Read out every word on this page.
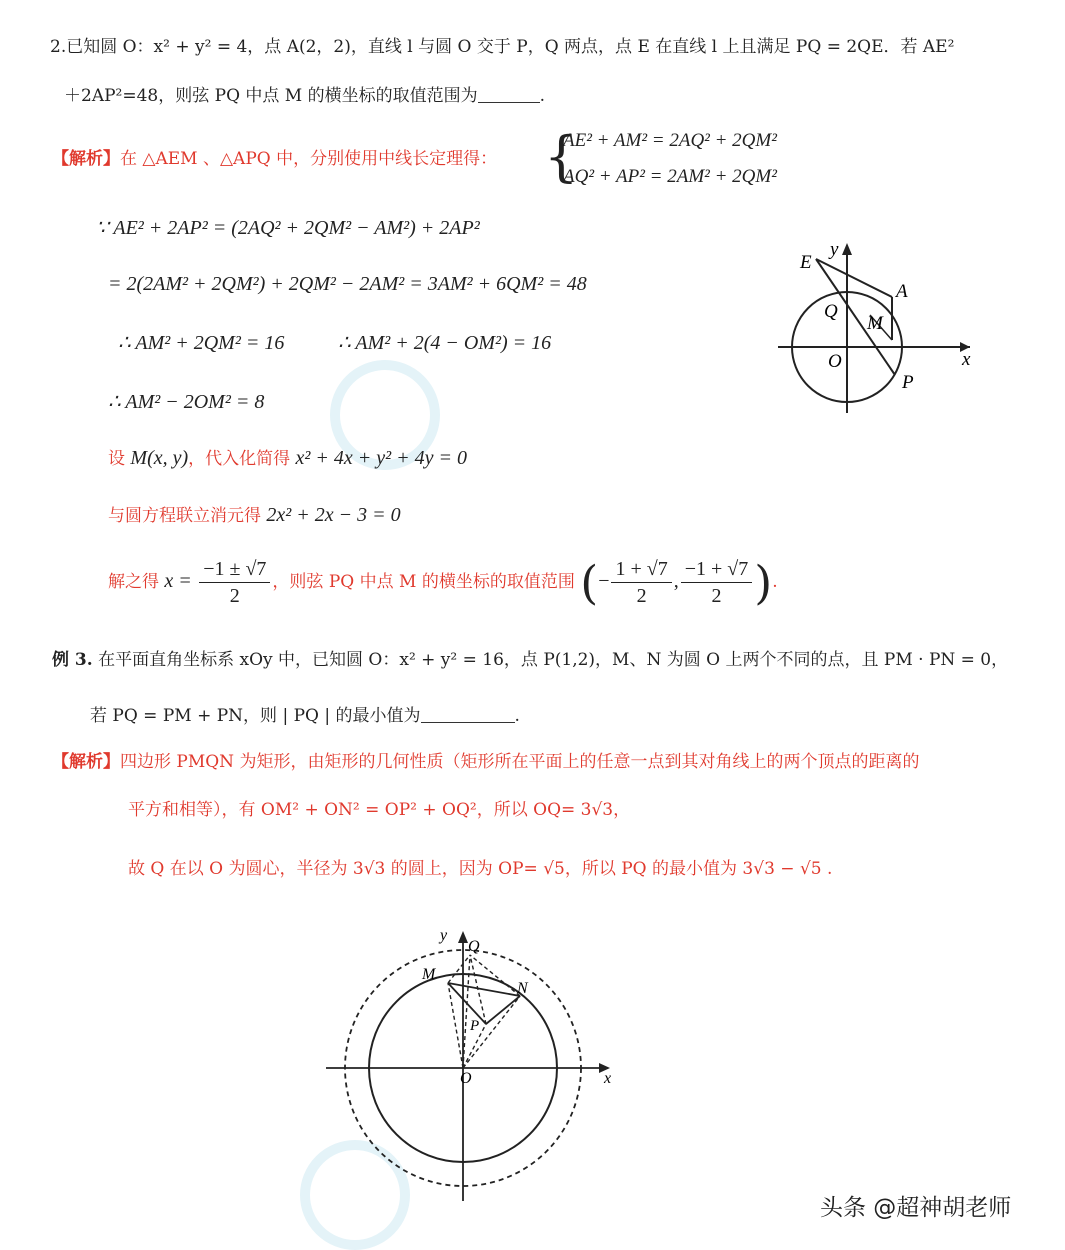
2.已知圆 O：x² + y² = 4，点 A(2，2)，直线 l 与圆 O 交于 P，Q 两点，点 E 在直线 l 上且满足 PQ = 2QE．若 AE²
＋2AP²=48，则弦 PQ 中点 M 的横坐标的取值范围为	.
【解析】在 △AEM 、△APQ 中，分别使用中线长定理得： {
AE² + AM² = 2AQ² + 2QM²
AQ² + AP² = 2AM² + 2QM²
∵ AE² + 2AP² = (2AQ² + 2QM² − AM²) + 2AP²
= 2(2AM² + 2QM²) + 2QM² − 2AM² = 3AM² + 6QM² = 48
∴ AM² + 2QM² = 16	∴ AM² + 2(4 − OM²) = 16
∴ AM² − 2OM² = 8
设 M(x, y)，代入化简得 x² + 4x + y² + 4y = 0
与圆方程联立消元得 2x² + 2x − 3 = 0
解之得 $x = \frac{-1 \pm √7}{2}$ ，则弦 PQ 中点 M 的横坐标的取值范围 (− $\frac{1 + √7}{2}$ , $\frac{-1 + √7}{2}$ ).
E
y
A
Q
M
O	x
P
例 3. 在平面直角坐标系 xOy 中，已知圆 O：x² + y² = 16，点 P(1,2)，M、N 为圆 O 上两个不同的点，且 PM · PN = 0，
若 PQ = PM + PN，则 | PQ | 的最小值为	.
【解析】四边形 PMQN 为矩形，由矩形的几何性质（矩形所在平面上的任意一点到其对角线上的两个顶点的距离的
平方和相等），有 OM² + ON² = OP² + OQ²，所以 OQ= 3√3，
故 Q 在以 O 为圆心，半径为 3√3 的圆上，因为 OP= √5，所以 PQ 的最小值为 3√3 − √5 .
y
Q
M
N
P
O	x
头条 @超神胡老师
